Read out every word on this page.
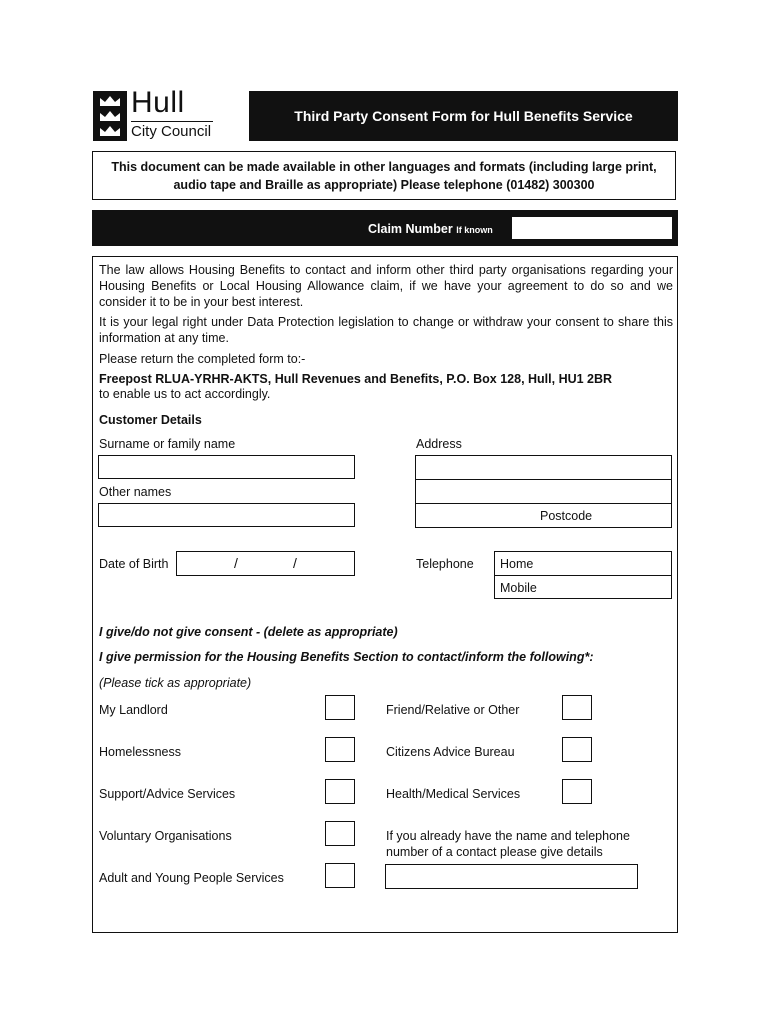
Hull
City Council
Third Party Consent Form for Hull Benefits Service
This document can be made available in other languages and formats (including large print, audio tape and Braille as appropriate) Please telephone (01482) 300300
Claim Number If known
The law allows Housing Benefits to contact and inform other third party organisations regarding your Housing Benefits or Local Housing Allowance claim, if we have your agreement to do so and we consider it to be in your best interest.
It is your legal right under Data Protection legislation to change or withdraw your consent to share this information at any time.
Please return the completed form to:-
Freepost RLUA-YRHR-AKTS, Hull Revenues and Benefits, P.O. Box 128, Hull, HU1 2BR
to enable us to act accordingly.
Customer Details
Surname or family name
Other names
Date of Birth	/	/
Address
Postcode
Telephone Home
Mobile
I give/do not give consent - (delete as appropriate)
I give permission for the Housing Benefits Section to contact/inform the following*:
(Please tick as appropriate)
My Landlord
Homelessness
Support/Advice Services
Voluntary Organisations
Adult and Young People Services
Friend/Relative or Other
Citizens Advice Bureau
Health/Medical Services
If you already have the name and telephone
number of a contact please give details
